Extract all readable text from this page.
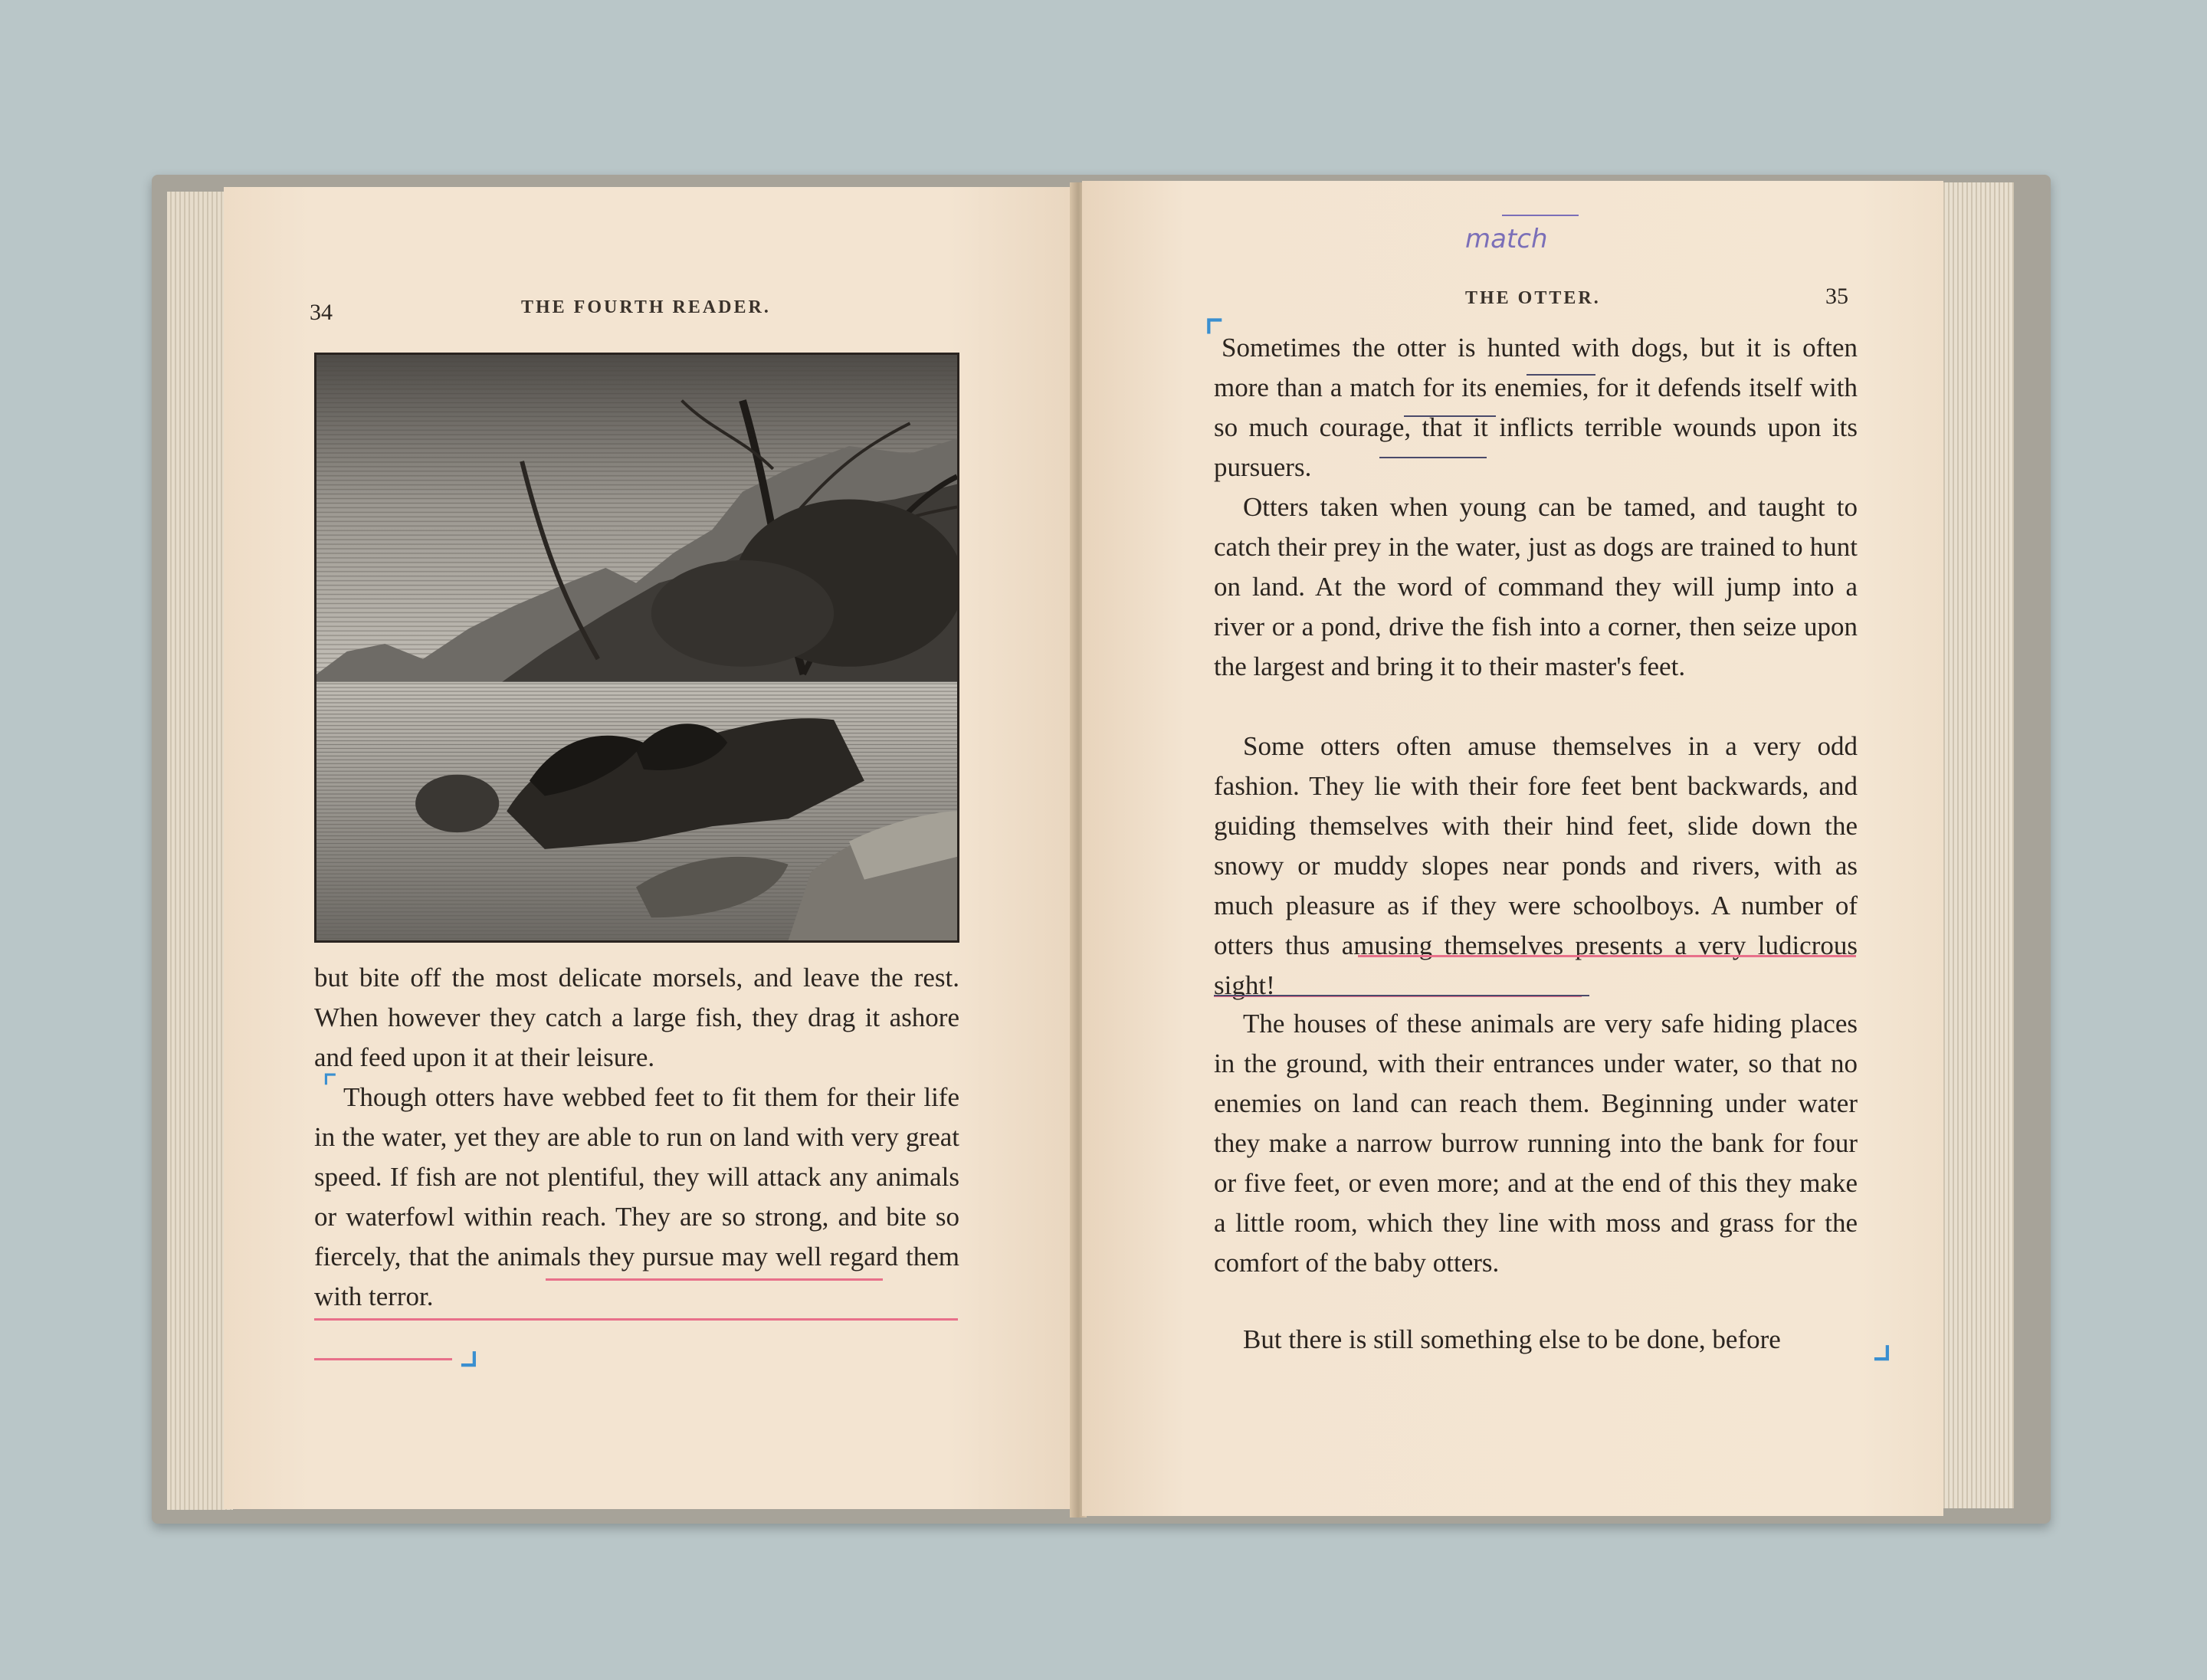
34	THE FOURTH READER.

but bite off the most delicate morsels, and leave the rest. When however they catch a large fish, they drag it ashore and feed upon it at their leisure.

Though otters have webbed feet to fit them for their life in the water, yet they are able to run on land with very great speed. If fish are not plentiful, they will attack any animals or waterfowl within reach. They are so strong, and bite so fiercely, that the animals they pursue may well regard them with terror.

⌜
⌟
match
THE OTTER.	35

Sometimes the otter is hunted with dogs, but it is often more than a match for its enemies, for it defends itself with so much courage, that it inflicts terrible wounds upon its pursuers.

Otters taken when young can be tamed, and taught to catch their prey in the water, just as dogs are trained to hunt on land. At the word of command they will jump into a river or a pond, drive the fish into a corner, then seize upon the largest and bring it to their master's feet.

Some otters often amuse themselves in a very odd fashion. They lie with their fore feet bent backwards, and guiding themselves with their hind feet, slide down the snowy or muddy slopes near ponds and rivers, with as much pleasure as if they were schoolboys. A number of otters thus amusing themselves presents a very ludicrous sight!

The houses of these animals are very safe hiding places in the ground, with their entrances under water, so that no enemies on land can reach them. Beginning under water they make a narrow burrow running into the bank for four or five feet, or even more; and at the end of this they make a little room, which they line with moss and grass for the comfort of the baby otters.

But there is still something else to be done, before

⌜
⌟
